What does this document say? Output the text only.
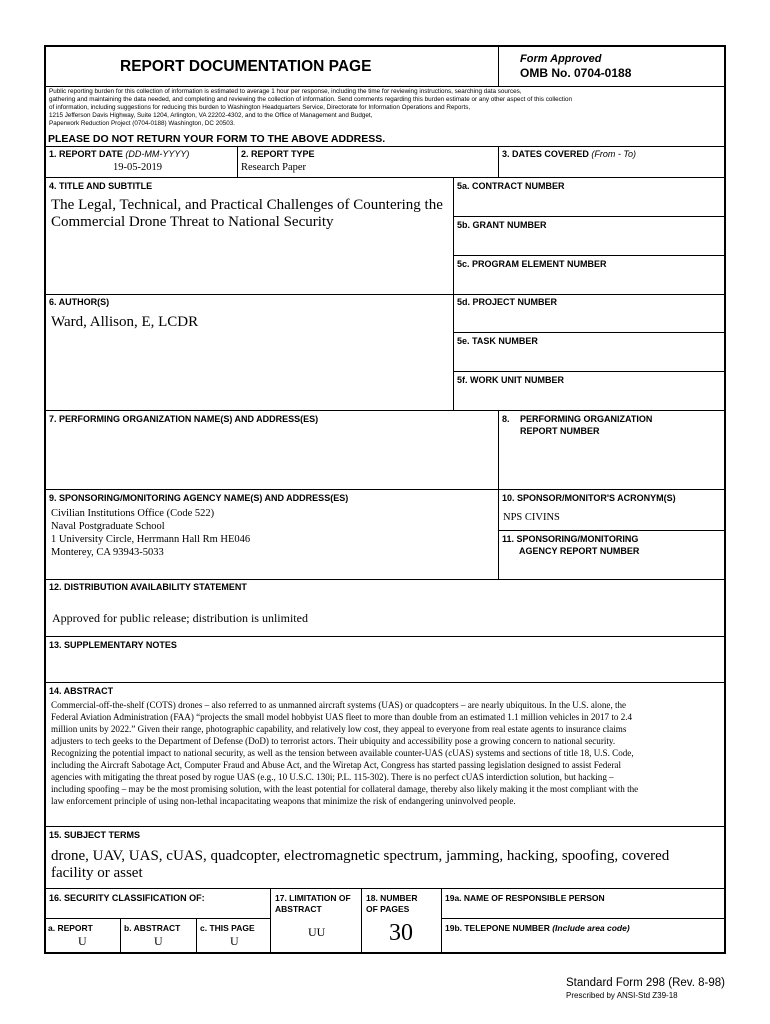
REPORT DOCUMENTATION PAGE	Form Approved
OMB No. 0704-0188
Public reporting burden for this collection of information is estimated to average 1 hour per response, including the time for reviewing instructions, searching data sources,
gathering and maintaining the data needed, and completing and reviewing the collection of information. Send comments regarding this burden estimate or any other aspect of this collection
of information, including suggestions for reducing this burden to Washington Headquarters Service, Directorate for Information Operations and Reports,
1215 Jefferson Davis Highway, Suite 1204, Arlington, VA 22202-4302, and to the Office of Management and Budget,
Paperwork Reduction Project (0704-0188) Washington, DC 20503.
PLEASE DO NOT RETURN YOUR FORM TO THE ABOVE ADDRESS.
1. REPORT DATE (DD-MM-YYYY)
19-05-2019
2. REPORT TYPE
Research Paper
3. DATES COVERED (From - To)
4. TITLE AND SUBTITLE
The Legal, Technical, and Practical Challenges of Countering the
Commercial Drone Threat to National Security
5a. CONTRACT NUMBER
5b. GRANT NUMBER
5c. PROGRAM ELEMENT NUMBER
6. AUTHOR(S)
Ward, Allison, E, LCDR
5d. PROJECT NUMBER
5e. TASK NUMBER
5f. WORK UNIT NUMBER
7. PERFORMING ORGANIZATION NAME(S) AND ADDRESS(ES)	8. PERFORMING ORGANIZATION
REPORT NUMBER
9. SPONSORING/MONITORING AGENCY NAME(S) AND ADDRESS(ES)
Civilian Institutions Office (Code 522)
Naval Postgraduate School
1 University Circle, Herrmann Hall Rm HE046
Monterey, CA 93943-5033
10. SPONSOR/MONITOR'S ACRONYM(S)
NPS CIVINS
11. SPONSORING/MONITORING
AGENCY REPORT NUMBER
12. DISTRIBUTION AVAILABILITY STATEMENT
Approved for public release; distribution is unlimited
13. SUPPLEMENTARY NOTES
14. ABSTRACT
Commercial-off-the-shelf (COTS) drones – also referred to as unmanned aircraft systems (UAS) or quadcopters – are nearly ubiquitous. In the U.S. alone, the
Federal Aviation Administration (FAA) “projects the small model hobbyist UAS fleet to more than double from an estimated 1.1 million vehicles in 2017 to 2.4
million units by 2022.” Given their range, photographic capability, and relatively low cost, they appeal to everyone from real estate agents to insurance claims
adjusters to tech geeks to the Department of Defense (DoD) to terrorist actors. Their ubiquity and accessibility pose a growing concern to national security.
Recognizing the potential impact to national security, as well as the tension between available counter-UAS (cUAS) systems and sections of title 18, U.S. Code,
including the Aircraft Sabotage Act, Computer Fraud and Abuse Act, and the Wiretap Act, Congress has started passing legislation designed to assist Federal
agencies with mitigating the threat posed by rogue UAS (e.g., 10 U.S.C. 130i; P.L. 115-302). There is no perfect cUAS interdiction solution, but hacking –
including spoofing – may be the most promising solution, with the least potential for collateral damage, thereby also likely making it the most compliant with the
law enforcement principle of using non-lethal incapacitating weapons that minimize the risk of endangering uninvolved people.
15. SUBJECT TERMS
drone, UAV, UAS, cUAS, quadcopter, electromagnetic spectrum, jamming, hacking, spoofing, covered
facility or asset
16. SECURITY CLASSIFICATION OF:
a. REPORT
U
b. ABSTRACT
U
c. THIS PAGE
U
17. LIMITATION OF
ABSTRACT
UU
18. NUMBER
OF PAGES
30
19a. NAME OF RESPONSIBLE PERSON
19b. TELEPONE NUMBER (Include area code)
Standard Form 298 (Rev. 8-98)
Prescribed by ANSI-Std Z39-18
